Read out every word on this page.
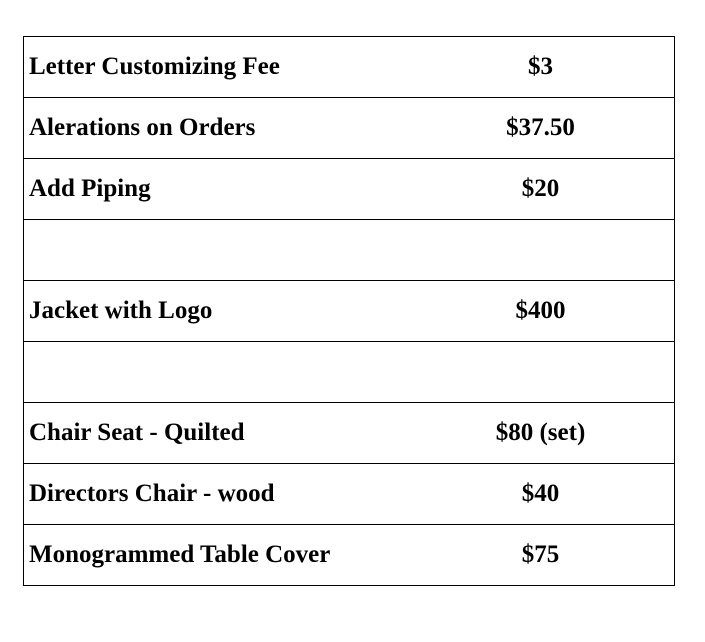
Letter Customizing Fee	$3
Alerations on Orders	$37.50
Add Piping	$20

Jacket with Logo	$400

Chair Seat - Quilted	$80 (set)
Directors Chair - wood	$40
Monogrammed Table Cover	$75
